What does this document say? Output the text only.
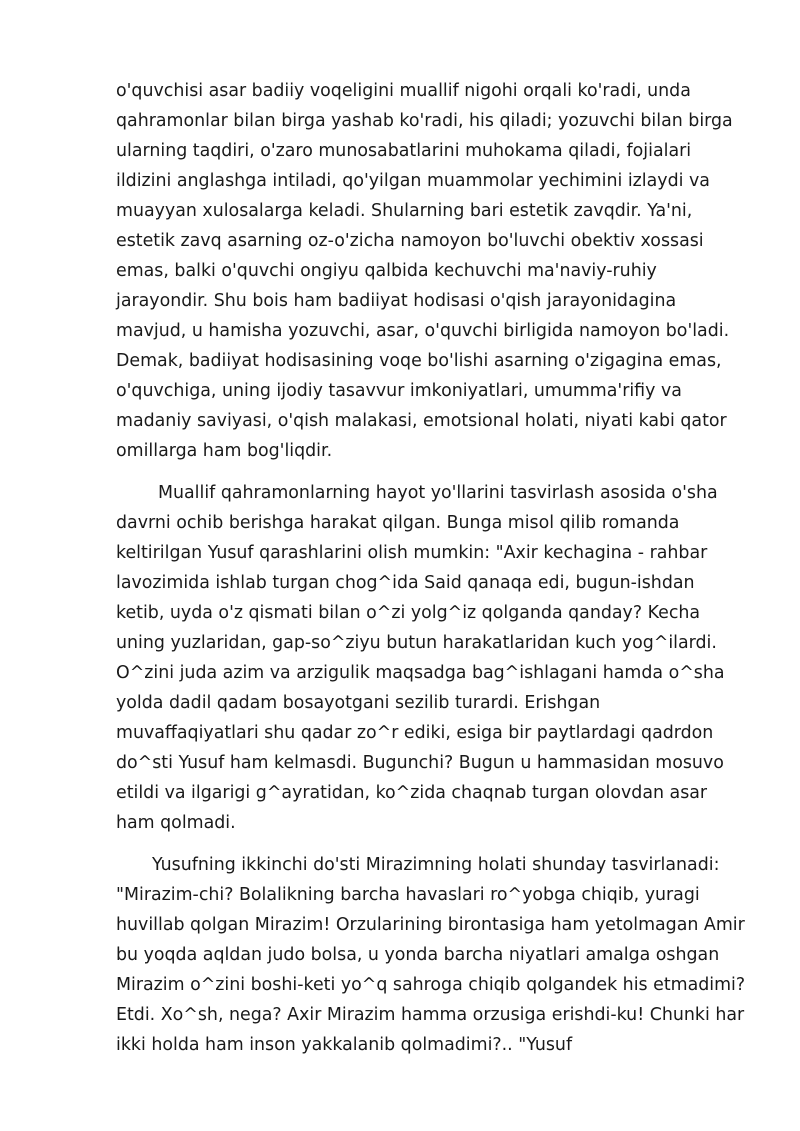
o'quvchisi asar badiiy voqeligini muallif nigohi orqali ko'radi, unda qahramonlar bilan birga yashab ko'radi, his qiladi; yozuvchi bilan birga ularning taqdiri, o'zaro munosabatlarini muhokama qiladi, fojialari ildizini anglashga intiladi, qo'yilgan muammolar yechimini izlaydi va muayyan xulosalarga keladi. Shularning bari estetik zavqdir. Ya'ni, estetik zavq asarning oz-o'zicha namoyon bo'luvchi obektiv xossasi emas, balki o'quvchi ongiyu qalbida kechuvchi ma'naviy-ruhiy jarayondir. Shu bois ham badiiyat hodisasi o'qish jarayonidagina mavjud, u hamisha yozuvchi, asar, o'quvchi birligida namoyon bo'ladi. Demak, badiiyat hodisasining voqe bo'lishi asarning o'zigagina emas, o'quvchiga, uning ijodiy tasavvur imkoniyatlari, umumma'rifiy va madaniy saviyasi, o'qish malakasi, emotsional holati, niyati kabi qator omillarga ham bog'liqdir.

Muallif qahramonlarning hayot yo'llarini tasvirlash asosida o'sha davrni ochib berishga harakat qilgan. Bunga misol qilib romanda keltirilgan Yusuf qarashlarini olish mumkin: "Axir kechagina - rahbar lavozimida ishlab turgan chog^ida Said qanaqa edi, bugun-ishdan ketib, uyda o'z qismati bilan o^zi yolg^iz qolganda qanday? Kecha uning yuzlaridan, gap-so^ziyu butun harakatlaridan kuch yog^ilardi. O^zini juda azim va arzigulik maqsadga bag^ishlagani hamda o^sha yolda dadil qadam bosayotgani sezilib turardi. Erishgan muvaffaqiyatlari shu qadar zo^r ediki, esiga bir paytlardagi qadrdon do^sti Yusuf ham kelmasdi. Bugunchi? Bugun u hammasidan mosuvo etildi va ilgarigi g^ayratidan, ko^zida chaqnab turgan olovdan asar ham qolmadi.

Yusufning ikkinchi do'sti Mirazimning holati shunday tasvirlanadi: "Mirazim-chi? Bolalikning barcha havaslari ro^yobga chiqib, yuragi huvillab qolgan Mirazim! Orzularining birontasiga ham yetolmagan Amir bu yoqda aqldan judo bolsa, u yonda barcha niyatlari amalga oshgan Mirazim o^zini boshi-keti yo^q sahroga chiqib qolgandek his etmadimi? Etdi. Xo^sh, nega? Axir Mirazim hamma orzusiga erishdi-ku! Chunki har ikki holda ham inson yakkalanib qolmadimi?.. "Yusuf
